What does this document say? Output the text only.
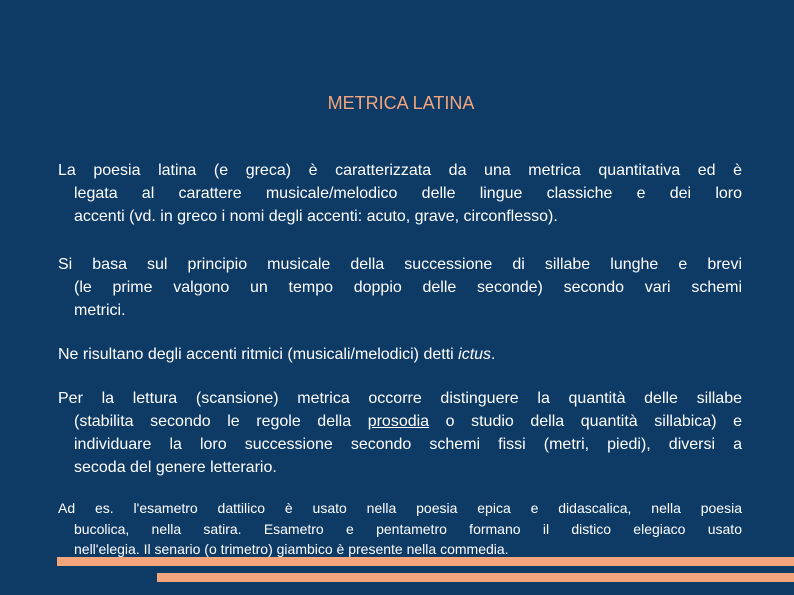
METRICA LATINA
La poesia latina (e greca) è caratterizzata da una metrica quantitativa ed è
legata al carattere musicale/melodico delle lingue classiche e dei loro
accenti (vd. in greco i nomi degli accenti: acuto, grave, circonflesso).
Si basa sul principio musicale della successione di sillabe lunghe e brevi
(le prime valgono un tempo doppio delle seconde) secondo vari schemi
metrici.
Ne risultano degli accenti ritmici (musicali/melodici) detti ictus.
Per la lettura (scansione) metrica occorre distinguere la quantità delle sillabe
(stabilita secondo le regole della prosodia o studio della quantità sillabica) e
individuare la loro successione secondo schemi fissi (metri, piedi), diversi a
secoda del genere letterario.
Ad es. l'esametro dattilico è usato nella poesia epica e didascalica, nella poesia
bucolica, nella satira. Esametro e pentametro formano il distico elegiaco usato
nell'elegia. Il senario (o trimetro) giambico è presente nella commedia.
